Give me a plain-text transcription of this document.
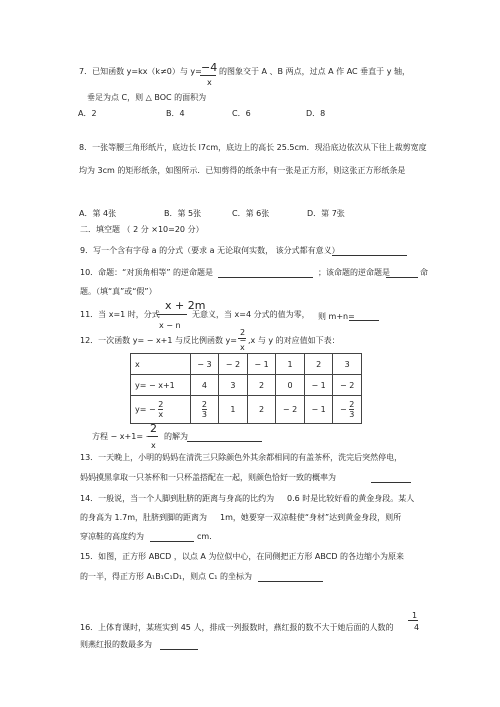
7．已知函数 y=kx（k≠0）与 y= −4
x
的图象交于 A 、B 两点，过点 A 作 AC 垂直于 y 轴，
垂足为点 C，则 △ BOC 的面积为
A．2	B．4	C．6	D．8
8．一张等腰三角形纸片，底边长 l7cm，底边上的高长 25.5cm．现沿底边依次从下往上裁剪宽度
均为 3cm 的矩形纸条，如图所示．已知剪得的纸条中有一张是正方形，则这张正方形纸条是
A．第 4张	B．第 5张	C．第 6张	D．第 7张
二．填空题 （ 2 分 ×10=20 分）
9．写一个含有字母 a 的分式（要求 a 无论取何实数， 该分式都有意义）
10．命题：“对顶角相等” 的逆命题是	；该命题的逆命题是	命
题。（填“真”或“假”）
11．当 x=1 时，分式
x + 2m
x − n
无意义，当 x=4 分式的值为零， 则 m+n=
12．一次函数 y= − x+1 与反比例函数 y= −
2
x
,x 与 y 的对应值如下表：
x	− 3	− 2	− 1	1	2	3
y= − x+1	4	3	2	0	− 1	− 2
$y= - \frac{2}{x}$	$\frac{2}{3}$	1	2	− 2	− 1	− $\frac{2}{3}$
方程 − x+1= −
2
x
的解为
13．一天晚上，小明的妈妈在清洗三只除颜色外其余都相同的有盖茶杯，洗完后突然停电，
妈妈摸黑拿取一只茶杯和一只杯盖搭配在一起，则颜色恰好一致的概率为
14．一般说，当一个人脚到肚脐的距离与身高的比约为 0.6 时是比较好看的黄金身段。某人
的身高为 1.7m，肚脐到脚的距离为 1m，她要穿一双凉鞋使“身材”达到黄金身段，则所
穿凉鞋的高度约为	cm．
15．如图，正方形 ABCD ，以点 A 为位似中心，在同侧把正方形 ABCD 的各边缩小为原来
的一半，得正方形 A₁B₁C₁D₁，则点 C₁ 的坐标为
1
4
16．上体育课时，某班实到 45 人，排成一列报数时，燕红报的数不大于她后面的人数的
则燕红报的数最多为
